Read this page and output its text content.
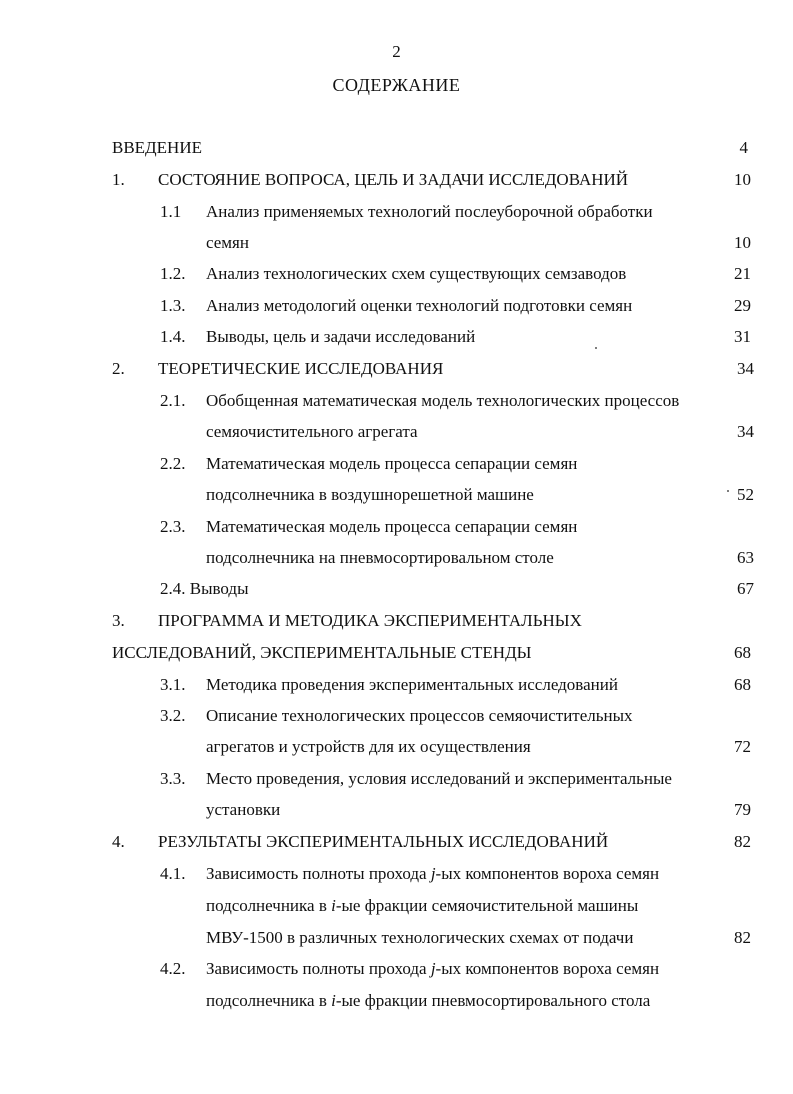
2
СОДЕРЖАНИЕ
ВВЕДЕНИЕ	4
1. СОСТОЯНИЕ ВОПРОСА, ЦЕЛЬ И ЗАДАЧИ ИССЛЕДОВАНИЙ	10
1.1 Анализ применяемых технологий послеуборочной обработки
семян	10
1.2. Анализ технологических схем существующих семзаводов	21
1.3. Анализ методологий оценки технологий подготовки семян	29
1.4. Выводы, цель и задачи исследований	31
2. ТЕОРЕТИЧЕСКИЕ ИССЛЕДОВАНИЯ	34
2.1. Обобщенная математическая модель технологических процессов
семяочистительного агрегата	34
2.2. Математическая модель процесса сепарации семян
подсолнечника в воздушнорешетной машине	52
2.3. Математическая модель процесса сепарации семян
подсолнечника на пневмосортировальном столе	63
2.4. Выводы	67
3. ПРОГРАММА И МЕТОДИКА ЭКСПЕРИМЕНТАЛЬНЫХ
ИССЛЕДОВАНИЙ, ЭКСПЕРИМЕНТАЛЬНЫЕ СТЕНДЫ	68
3.1. Методика проведения экспериментальных исследований	68
3.2. Описание технологических процессов семяочистительных
агрегатов и устройств для их осуществления	72
3.3. Место проведения, условия исследований и экспериментальные
установки	79
4. РЕЗУЛЬТАТЫ ЭКСПЕРИМЕНТАЛЬНЫХ ИССЛЕДОВАНИЙ	82
4.1. Зависимость полноты прохода j-ых компонентов вороха семян
подсолнечника в i-ые фракции семяочистительной машины
МВУ-1500 в различных технологических схемах от подачи	82
4.2. Зависимость полноты прохода j-ых компонентов вороха семян
подсолнечника в i-ые фракции пневмосортировального стола
